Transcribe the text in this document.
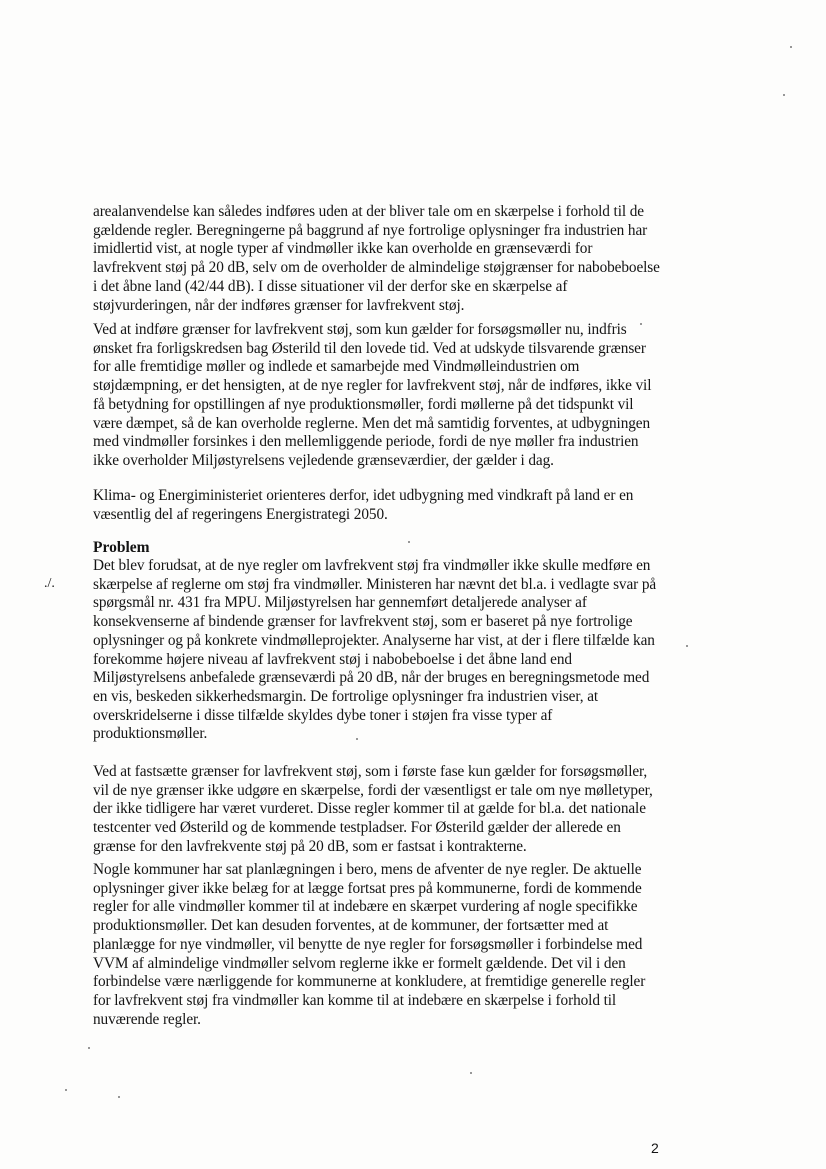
arealanvendelse kan således indføres uden at der bliver tale om en skærpelse i forhold til de
gældende regler. Beregningerne på baggrund af nye fortrolige oplysninger fra industrien har
imidlertid vist, at nogle typer af vindmøller ikke kan overholde en grænseværdi for
lavfrekvent støj på 20 dB, selv om de overholder de almindelige støjgrænser for nabobeboelse
i det åbne land (42/44 dB). I disse situationer vil der derfor ske en skærpelse af
støjvurderingen, når der indføres grænser for lavfrekvent støj.
Ved at indføre grænser for lavfrekvent støj, som kun gælder for forsøgsmøller nu, indfris
ønsket fra forligskredsen bag Østerild til den lovede tid. Ved at udskyde tilsvarende grænser
for alle fremtidige møller og indlede et samarbejde med Vindmølleindustrien om
støjdæmpning, er det hensigten, at de nye regler for lavfrekvent støj, når de indføres, ikke vil
få betydning for opstillingen af nye produktionsmøller, fordi møllerne på det tidspunkt vil
være dæmpet, så de kan overholde reglerne. Men det må samtidig forventes, at udbygningen
med vindmøller forsinkes i den mellemliggende periode, fordi de nye møller fra industrien
ikke overholder Miljøstyrelsens vejledende grænseværdier, der gælder i dag.
Klima- og Energiministeriet orienteres derfor, idet udbygning med vindkraft på land er en
væsentlig del af regeringens Energistrategi 2050.
Det blev forudsat, at de nye regler om lavfrekvent støj fra vindmøller ikke skulle medføre en
skærpelse af reglerne om støj fra vindmøller. Ministeren har nævnt det bl.a. i vedlagte svar på
spørgsmål nr. 431 fra MPU. Miljøstyrelsen har gennemført detaljerede analyser af
konsekvenserne af bindende grænser for lavfrekvent støj, som er baseret på nye fortrolige
oplysninger og på konkrete vindmølleprojekter. Analyserne har vist, at der i flere tilfælde kan
forekomme højere niveau af lavfrekvent støj i nabobeboelse i det åbne land end
Miljøstyrelsens anbefalede grænseværdi på 20 dB, når der bruges en beregningsmetode med
en vis, beskeden sikkerhedsmargin. De fortrolige oplysninger fra industrien viser, at
overskridelserne i disse tilfælde skyldes dybe toner i støjen fra visse typer af
produktionsmøller.
Ved at fastsætte grænser for lavfrekvent støj, som i første fase kun gælder for forsøgsmøller,
vil de nye grænser ikke udgøre en skærpelse, fordi der væsentligst er tale om nye mølletyper,
der ikke tidligere har været vurderet. Disse regler kommer til at gælde for bl.a. det nationale
testcenter ved Østerild og de kommende testpladser. For Østerild gælder der allerede en
grænse for den lavfrekvente støj på 20 dB, som er fastsat i kontrakterne.
Nogle kommuner har sat planlægningen i bero, mens de afventer de nye regler. De aktuelle
oplysninger giver ikke belæg for at lægge fortsat pres på kommunerne, fordi de kommende
regler for alle vindmøller kommer til at indebære en skærpet vurdering af nogle specifikke
produktionsmøller. Det kan desuden forventes, at de kommuner, der fortsætter med at
planlægge for nye vindmøller, vil benytte de nye regler for forsøgsmøller i forbindelse med
VVM af almindelige vindmøller selvom reglerne ikke er formelt gældende. Det vil i den
forbindelse være nærliggende for kommunerne at konkludere, at fremtidige generelle regler
for lavfrekvent støj fra vindmøller kan komme til at indebære en skærpelse i forhold til
nuværende regler.
Problem
./.
2
